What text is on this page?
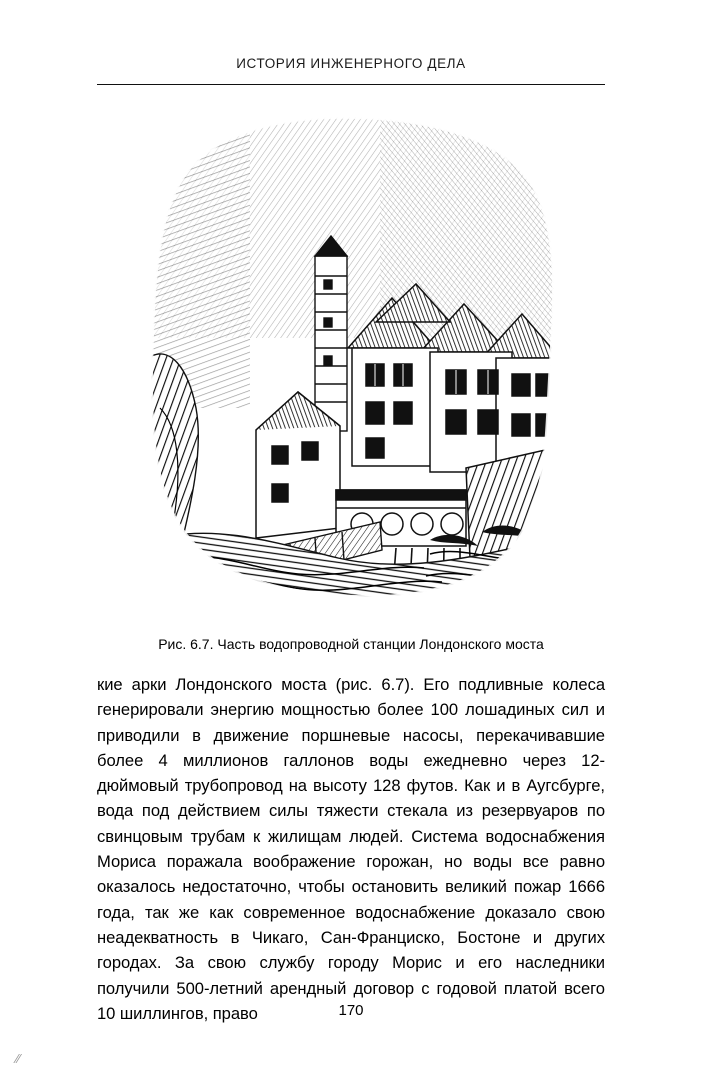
ИСТОРИЯ ИНЖЕНЕРНОГО ДЕЛА
Рис. 6.7. Часть водопроводной станции Лондонского моста

кие арки Лондонского моста (рис. 6.7). Его подливные колеса генерировали энергию мощностью более 100 лошадиных сил и приводили в движение поршневые насосы, перекачивавшие более 4 миллионов галлонов воды ежедневно через 12-дюймовый трубопровод на высоту 128 футов. Как и в Аугсбурге, вода под действием силы тяжести стекала из резервуаров по свинцовым трубам к жилищам людей. Система водоснабжения Мориса поражала воображение горожан, но воды все равно оказалось недостаточно, чтобы остановить великий пожар 1666 года, так же как современное водоснабжение доказало свою неадекватность в Чикаго, Сан-Франциско, Бостоне и других городах. За свою службу городу Морис и его наследники получили 500-летний арендный договор с годовой платой всего 10 шиллингов, право	170
⁄⁄
